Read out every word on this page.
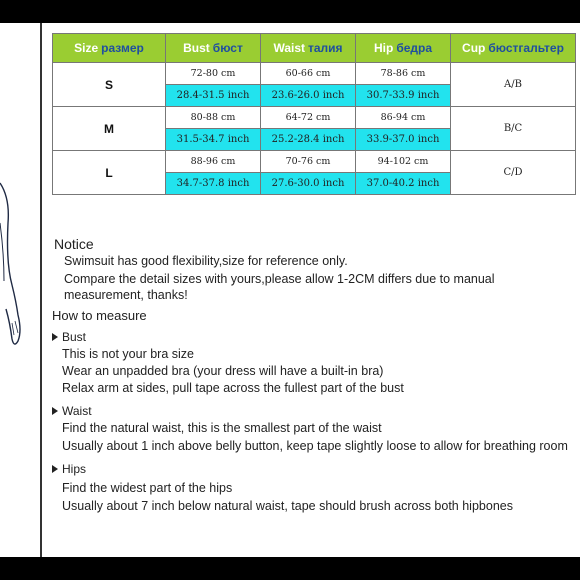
Size размер	Bust бюст	Waist талия	Hip бедра	Cup бюстгальтер
S	72-80 cm	60-66 cm	78-86 cm	A/B
	28.4-31.5 inch	23.6-26.0 inch	30.7-33.9 inch	
M	80-88 cm	64-72 cm	86-94 cm	B/C
	31.5-34.7 inch	25.2-28.4 inch	33.9-37.0 inch	
L	88-96 cm	70-76 cm	94-102 cm	C/D
	34.7-37.8 inch	27.6-30.0 inch	37.0-40.2 inch	
Notice
Swimsuit has good flexibility,size for reference only.
Compare the detail sizes with yours,please allow 1-2CM differs due to manual
measurement, thanks!
How to measure
Bust
This is not your bra size
Wear an unpadded bra (your dress will have a built-in bra)
Relax arm at sides, pull tape across the fullest part of the bust
Waist
Find the natural waist, this is the smallest part of the waist
Usually about 1 inch above belly button, keep tape slightly loose to allow for breathing room
Hips
Find the widest part of the hips
Usually about 7 inch below natural waist, tape should brush across both hipbones
